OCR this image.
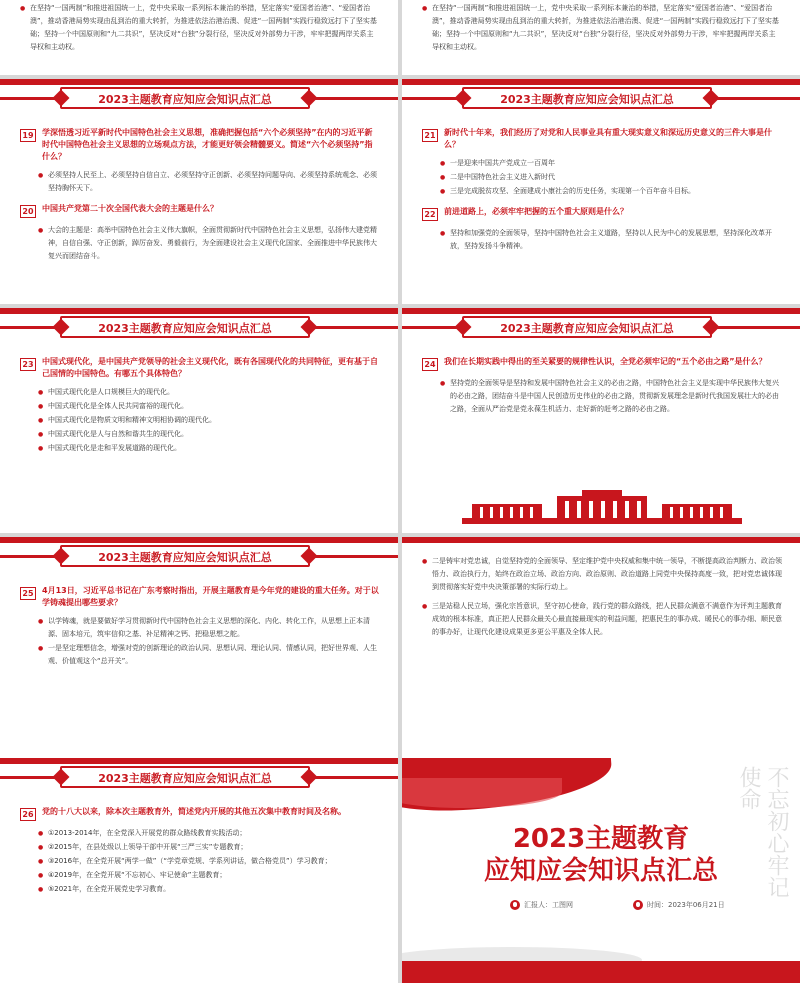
● 在坚持“一国两制”和推进祖国统一上，党中央采取一系列标本兼治的举措，坚定落实“爱国者治港”、“爱国者治澳”，推动香港局势实现由乱到治的重大转折，为推进依法治港治澳、促进“一国两制”实践行稳致远打下了坚实基础；坚持一个中国原则和“九二共识”，坚决反对“台独”分裂行径，坚决反对外部势力干涉，牢牢把握两岸关系主导权和主动权。
● 在坚持“一国两制”和推进祖国统一上，党中央采取一系列标本兼治的举措，坚定落实“爱国者治港”、“爱国者治澳”，推动香港局势实现由乱到治的重大转折，为推进依法治港治澳、促进“一国两制”实践行稳致远打下了坚实基础；坚持一个中国原则和“九二共识”，坚决反对“台独”分裂行径，坚决反对外部势力干涉，牢牢把握两岸关系主导权和主动权。
2023主题教育应知应会知识点汇总
19	学深悟透习近平新时代中国特色社会主义思想，准确把握包括“六个必须坚持”在内的习近平新时代中国特色社会主义思想的立场观点方法，才能更好领会精髓要义。简述“六个必须坚持”指什么？
● 必须坚持人民至上、必须坚持自信自立、必须坚持守正创新、必须坚持问题导向、必须坚持系统观念、必须坚持胸怀天下。
20	中国共产党第二十次全国代表大会的主题是什么？
● 大会的主题是：高举中国特色社会主义伟大旗帜，全面贯彻新时代中国特色社会主义思想，弘扬伟大建党精神，自信自强、守正创新，踔厉奋发、勇毅前行，为全面建设社会主义现代化国家、全面推进中华民族伟大复兴而团结奋斗。
2023主题教育应知应会知识点汇总
21	新时代十年来，我们经历了对党和人民事业具有重大现实意义和深远历史意义的三件大事是什么？
● 一是迎来中国共产党成立一百周年
● 二是中国特色社会主义进入新时代
● 三是完成脱贫攻坚、全面建成小康社会的历史任务，实现第一个百年奋斗目标。
22	前进道路上，必须牢牢把握的五个重大原则是什么？
● 坚持和加强党的全面领导，坚持中国特色社会主义道路，坚持以人民为中心的发展思想，坚持深化改革开放，坚持发扬斗争精神。
2023主题教育应知应会知识点汇总
23	中国式现代化，是中国共产党领导的社会主义现代化，既有各国现代化的共同特征，更有基于自己国情的中国特色。有哪五个具体特色？
● 中国式现代化是人口规模巨大的现代化。
● 中国式现代化是全体人民共同富裕的现代化。
● 中国式现代化是物质文明和精神文明相协调的现代化。
● 中国式现代化是人与自然和谐共生的现代化。
● 中国式现代化是走和平发展道路的现代化。
2023主题教育应知应会知识点汇总
24	我们在长期实践中得出的至关紧要的规律性认识，全党必须牢记的“五个必由之路”是什么？
● 坚持党的全面领导是坚持和发展中国特色社会主义的必由之路，中国特色社会主义是实现中华民族伟大复兴的必由之路，团结奋斗是中国人民创造历史伟业的必由之路，贯彻新发展理念是新时代我国发展壮大的必由之路，全面从严治党是党永葆生机活力、走好新的赶考之路的必由之路。
2023主题教育应知应会知识点汇总
25	4月13日，习近平总书记在广东考察时指出，开展主题教育是今年党的建设的重大任务。对于以学铸魂提出哪些要求？
● 以学铸魂，就是要做好学习贯彻新时代中国特色社会主义思想的深化、内化、转化工作，从思想上正本清源、固本培元，筑牢信仰之基、补足精神之钙、把稳思想之舵。
● 一是坚定理想信念，增强对党的创新理论的政治认同、思想认同、理论认同、情感认同，把好世界观、人生观、价值观这个“总开关”。
● 二是铸牢对党忠诚，自觉坚持党的全面领导、坚定维护党中央权威和集中统一领导，不断提高政治判断力、政治领悟力、政治执行力，始终在政治立场、政治方向、政治原则、政治道路上同党中央保持高度一致，把对党忠诚体现到贯彻落实好党中央决策部署的实际行动上。
● 三是站稳人民立场，强化宗旨意识，坚守初心使命，践行党的群众路线，把人民群众满意不满意作为评判主题教育成效的根本标准，真正把人民群众最关心最直接最现实的利益问题，把惠民生的事办成、暖民心的事办细、顺民意的事办好，让现代化建设成果更多更公平惠及全体人民。
2023主题教育应知应会知识点汇总
26	党的十八大以来，除本次主题教育外，简述党内开展的其他五次集中教育时间及名称。
● ①2013-2014年，在全党深入开展党的群众路线教育实践活动；
● ②2015年，在县处级以上领导干部中开展“三严三实”专题教育；
● ③2016年，在全党开展“两学一做”（“学党章党规、学系列讲话，做合格党员”）学习教育；
● ④2019年，在全党开展“不忘初心、牢记使命”主题教育；
● ⑤2021年，在全党开展党史学习教育。	不忘初心牢记使命
2023主题教育
应知应会知识点汇总
汇报人：工图网	时间：2023年06月21日
